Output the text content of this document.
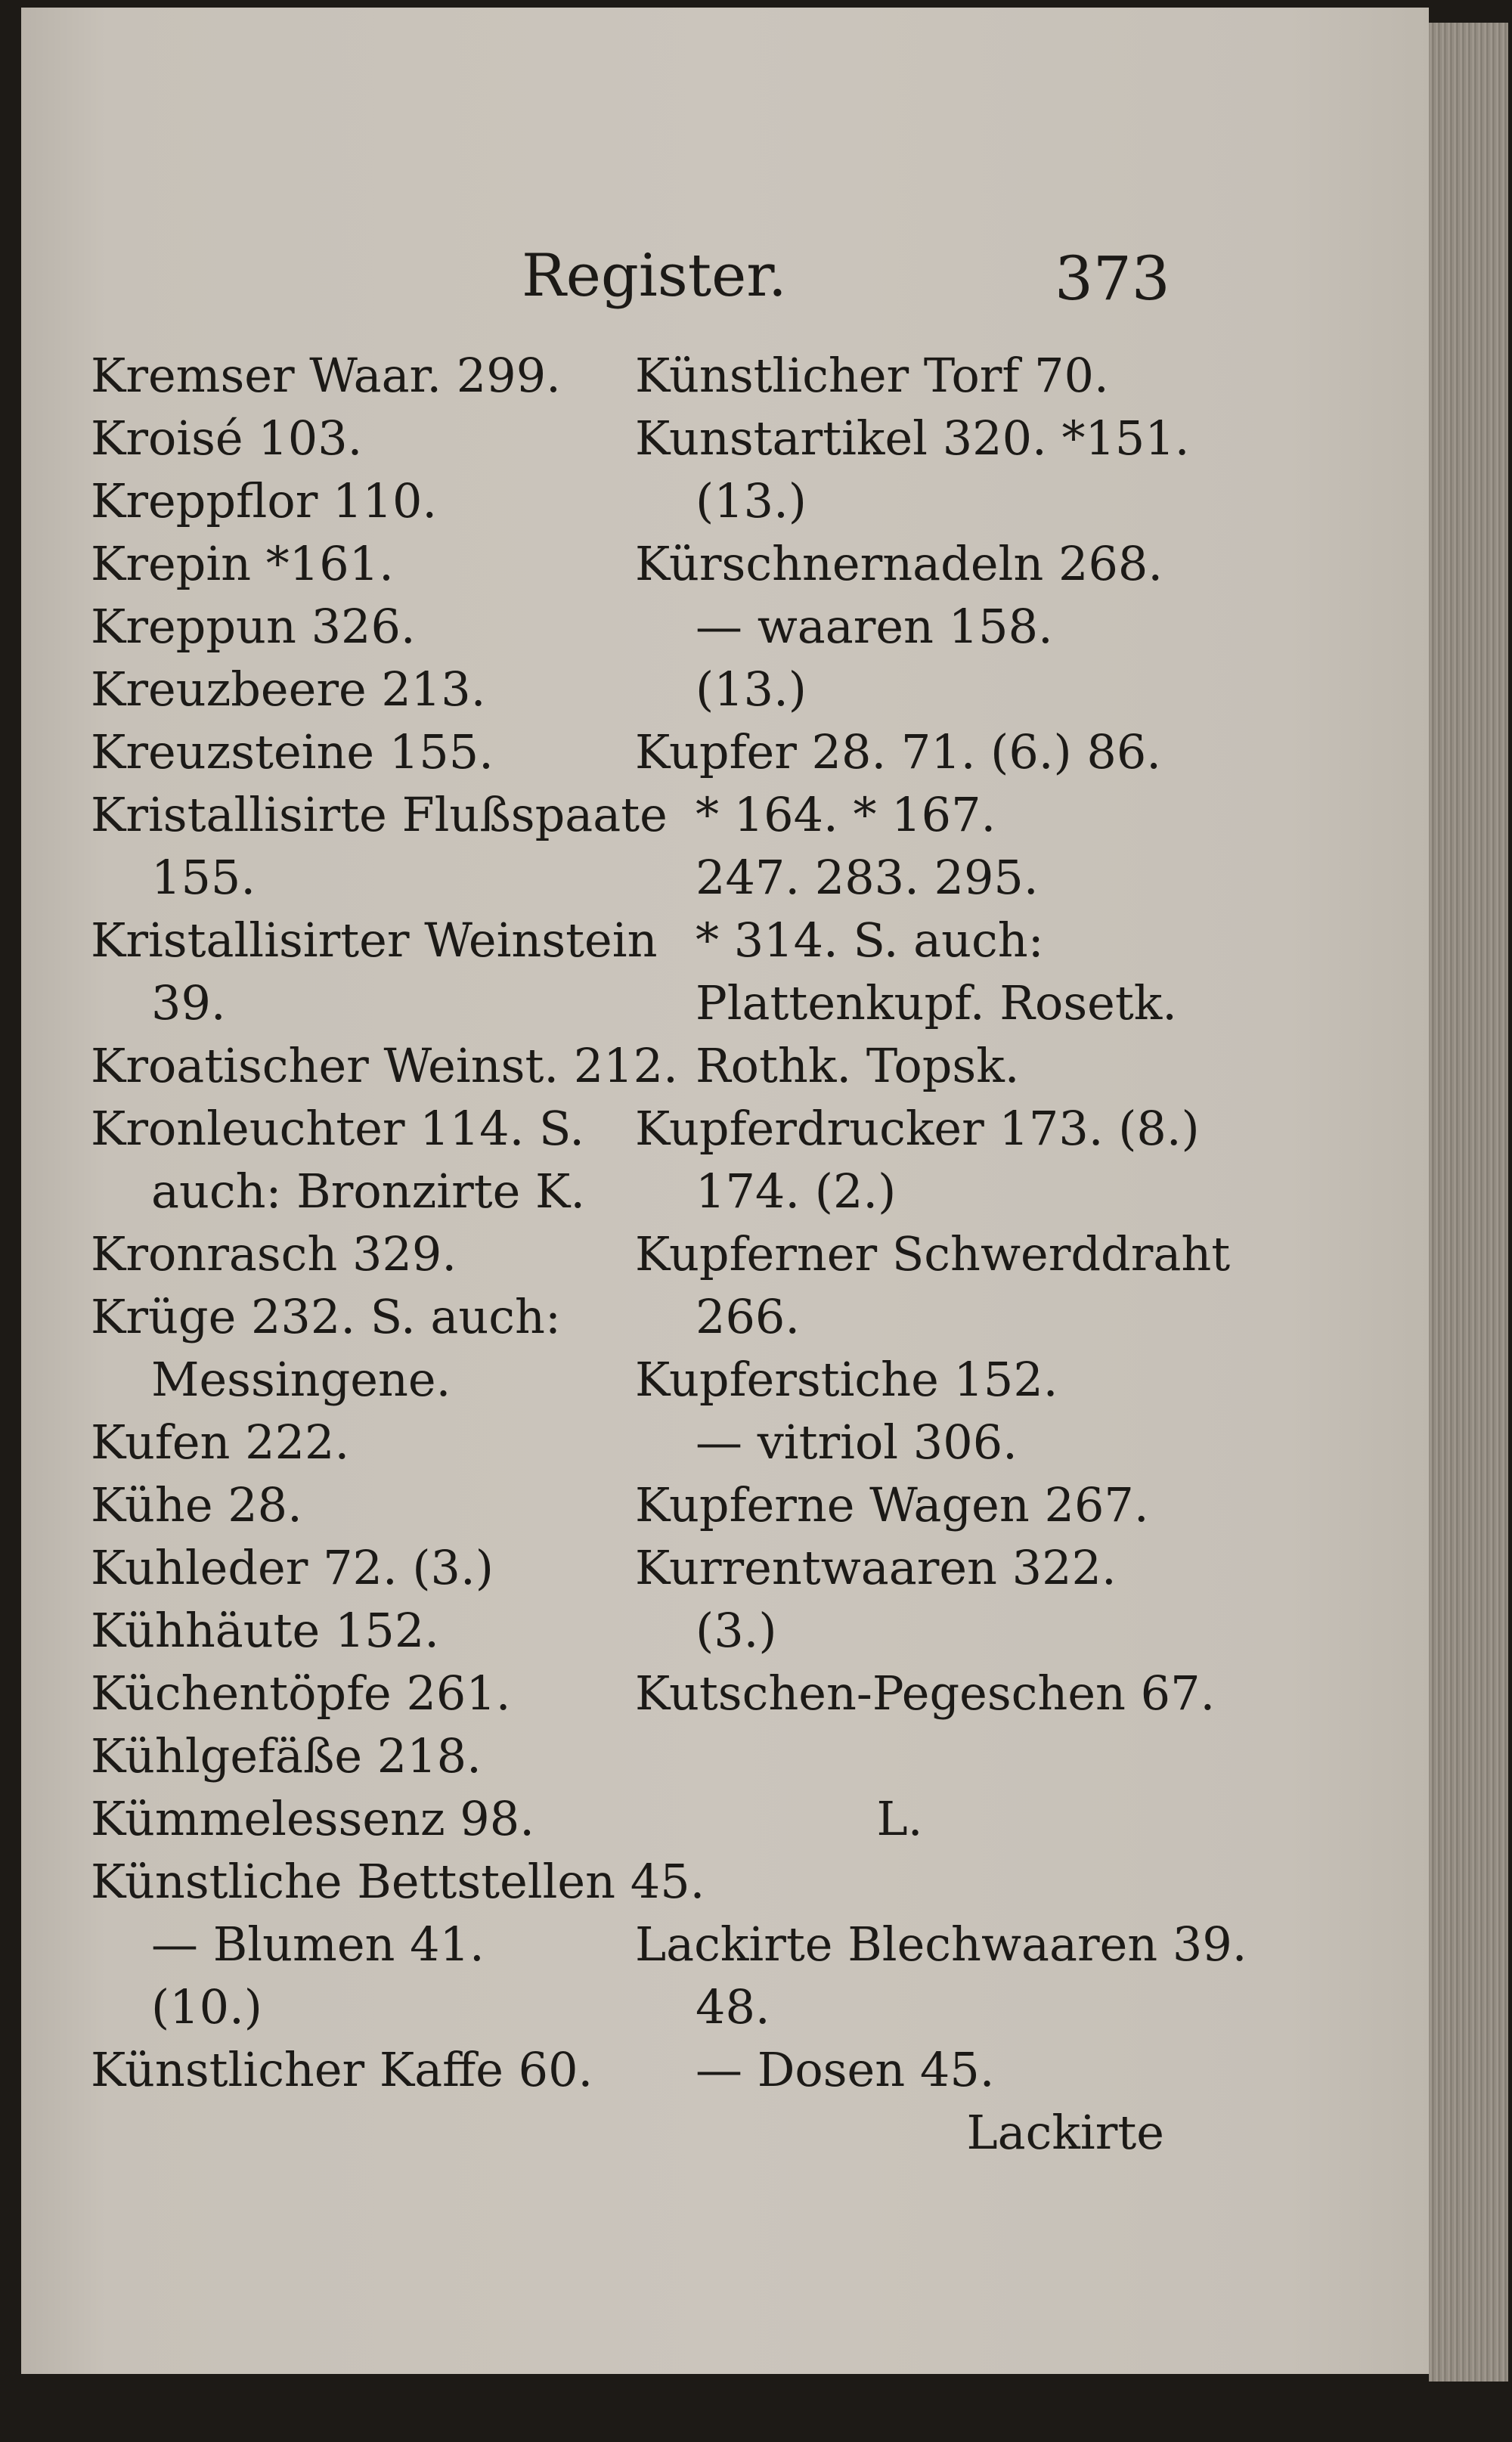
Register.	373
Kremser Waar. 299.
Kroisé 103.
Kreppflor 110.
Krepin *161.
Kreppun 326.
Kreuzbeere 213.
Kreuzsteine 155.
Kristallisirte Flußspaate
155.
Kristallisirter Weinstein
39.
Kroatischer Weinst. 212.
Kronleuchter 114. S.
auch: Bronzirte K.
Kronrasch 329.
Krüge 232. S. auch:
Messingene.
Kufen 222.
Kühe 28.
Kuhleder 72. (3.)
Kühhäute 152.
Küchentöpfe 261.
Kühlgefäße 218.
Kümmelessenz 98.
Künstliche Bettstellen 45.
— Blumen 41.
(10.)
Künstlicher Kaffe 60.
Künstlicher Torf 70.
Kunstartikel 320. *151.
(13.)
Kürschnernadeln 268.
— waaren 158.
(13.)
Kupfer 28. 71. (6.) 86.
* 164. * 167.
247. 283. 295.
* 314. S. auch:
Plattenkupf. Rosetk.
Rothk. Topsk.
Kupferdrucker 173. (8.)
174. (2.)
Kupferner Schwerddraht
266.
Kupferstiche 152.
— vitriol 306.
Kupferne Wagen 267.
Kurrentwaaren 322.
(3.)
Kutschen-Pegeschen 67.
L.
Lackirte Blechwaaren 39.
48.
— Dosen 45.
Lackirte
